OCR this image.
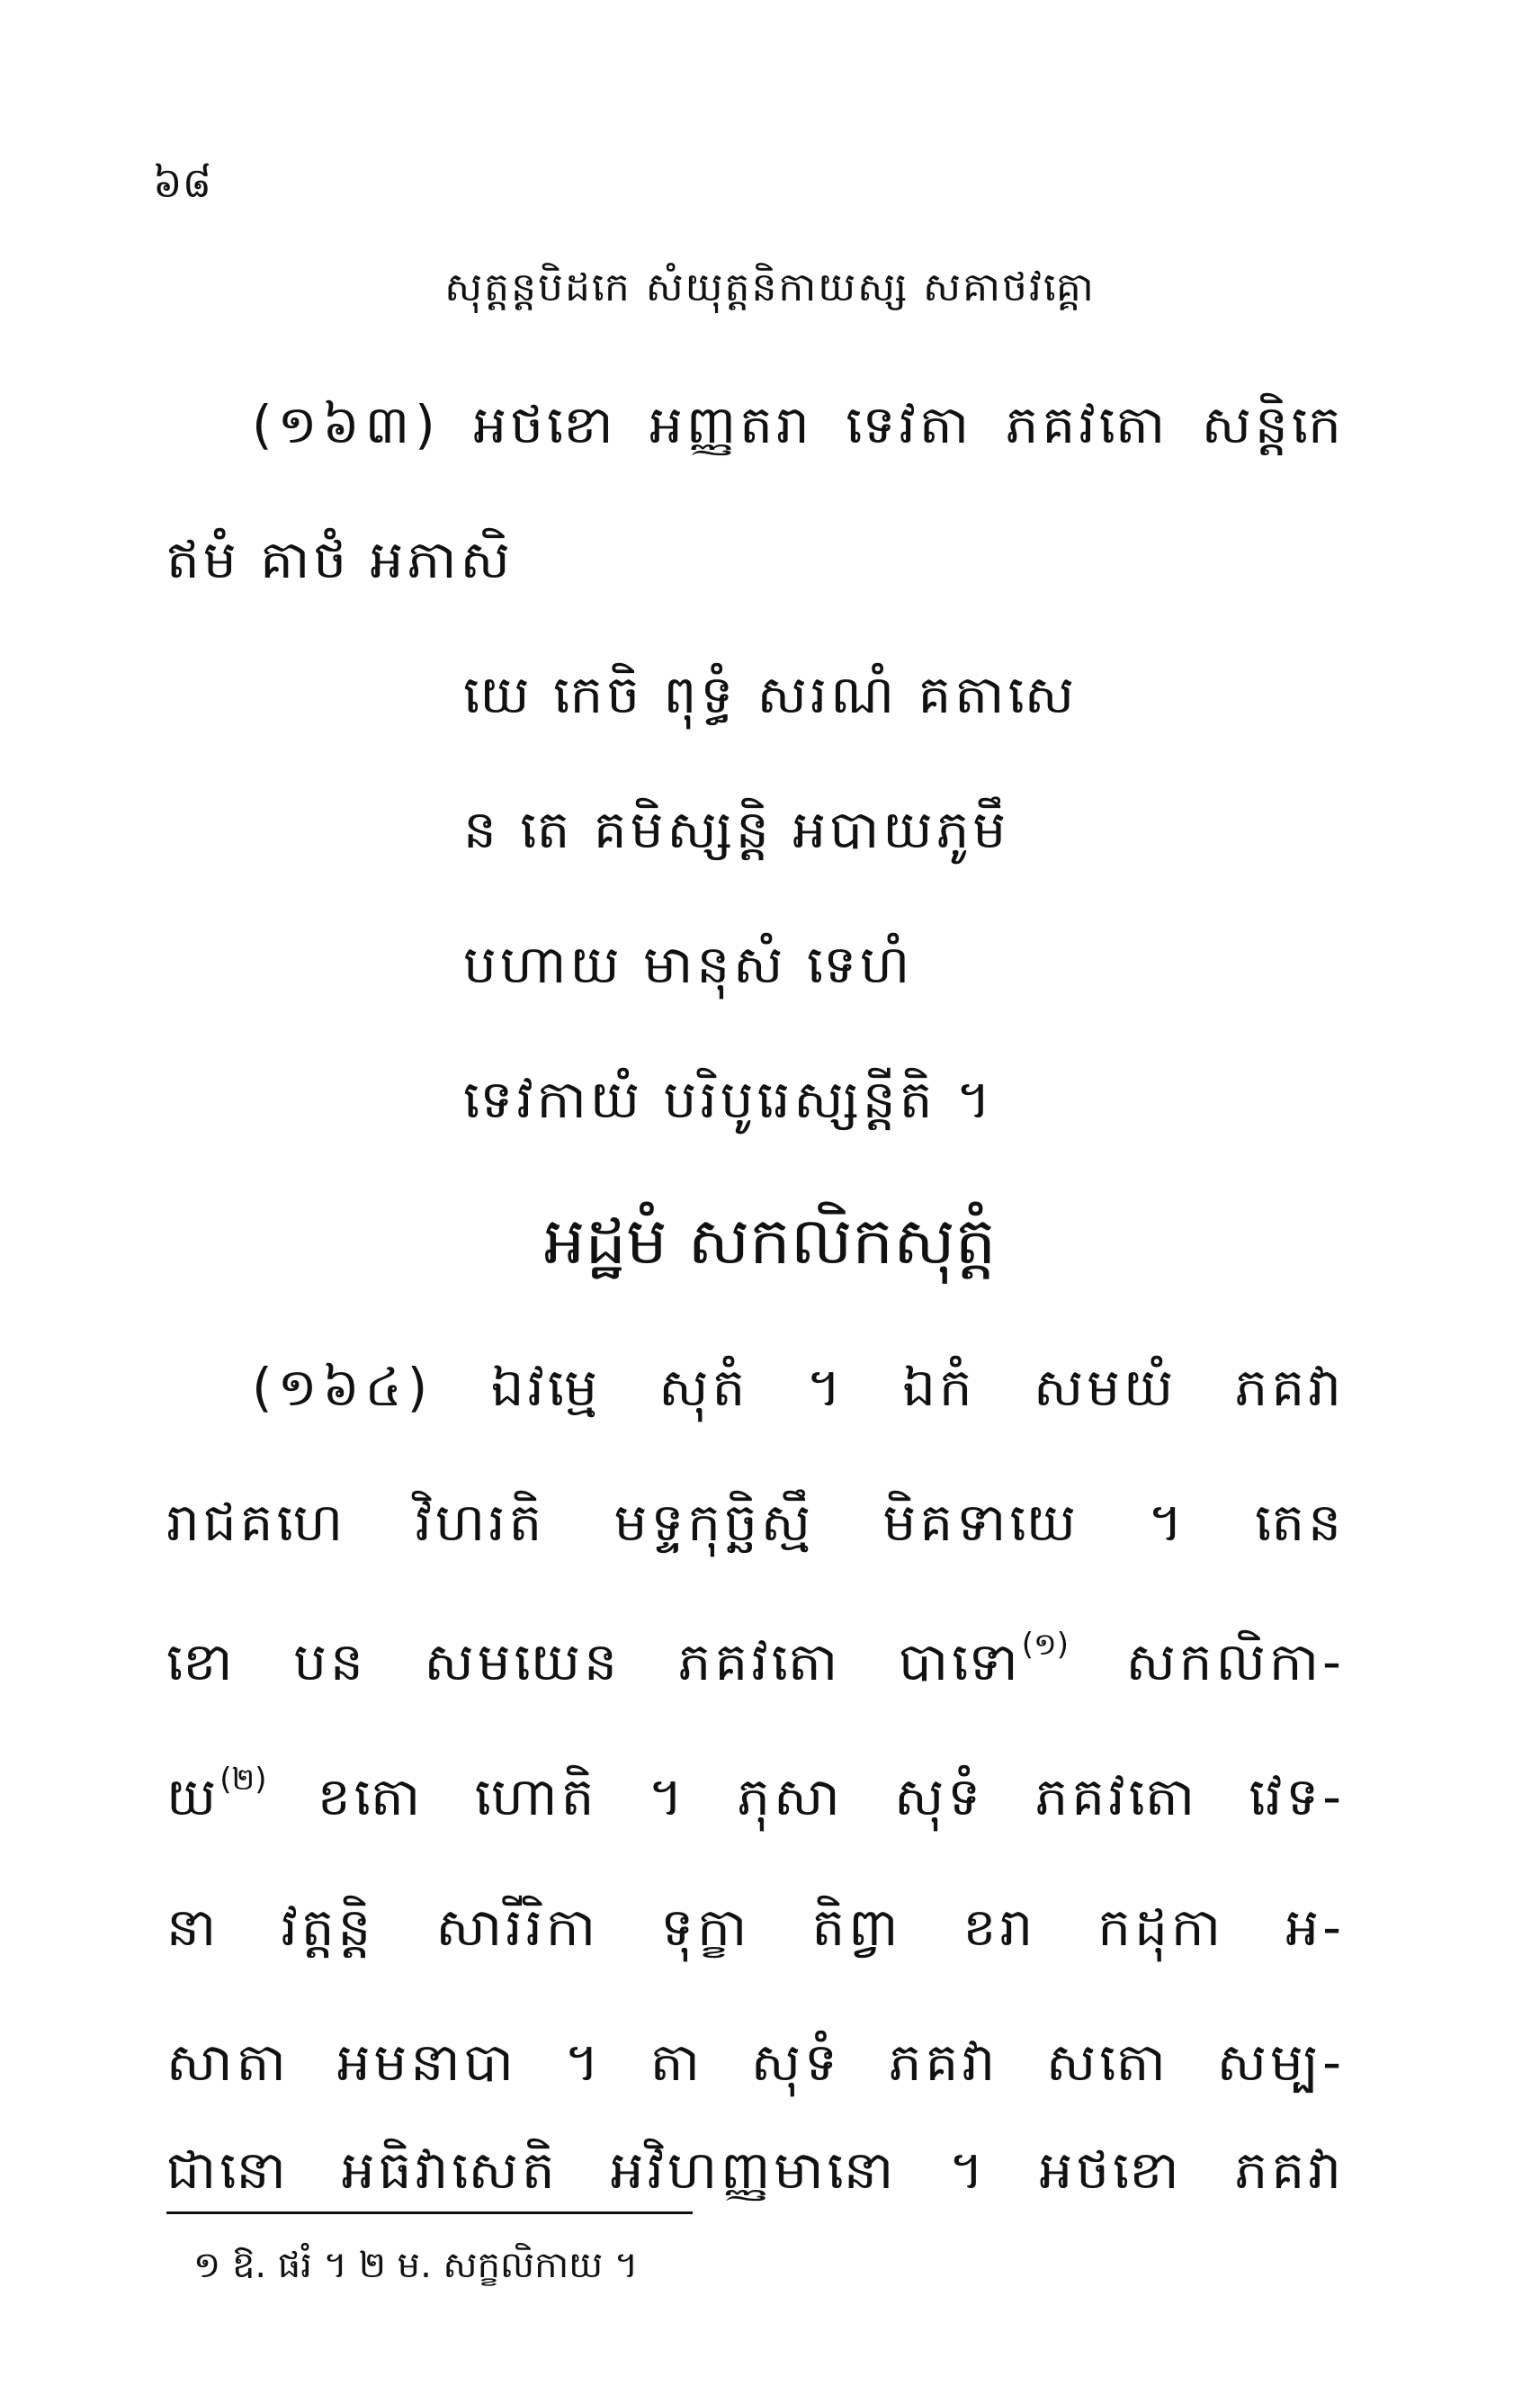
៦៨
សុត្តន្តបិដកេ សំយុត្តនិកាយស្ស សគាថវគ្គោ
(១៦៣) អថខោ អញ្ញតរា ទេវតា ភគវតោ សន្តិកេ
ឥមំ គាថំ អភាសិ
យេ កេចិ ពុទ្ធំ សរណំ គតាសេ
ន តេ គមិស្សន្តិ អបាយភូមឹ
បហាយ មានុសំ ទេហំ
ទេវកាយំ បរិបូរេស្សន្តីតិ ។
អដ្ឋមំ សកលិកសុត្តំ
(១៦៤) ឯវម្មេ សុតំ ។ ឯកំ សមយំ ភគវា
រាជគហេ វិហរតិ មទ្ទកុច្ឆិស្មឹ មិគទាយេ ។ តេន
ខោ បន សមយេន ភគវតោ បាទោ$^{(១)}$ សកលិកា-
យ$^{(២)}$ ខតោ ហោតិ ។ ភុសា សុទំ ភគវតោ វេទ-
នា វត្តន្តិ សារីរិកា ទុក្ខា តិព្វា ខរា កដុកា អ-
សាតា អមនាបា ។ តា សុទំ ភគវា សតោ សម្ប-
ជានោ អធិវាសេតិ អវិហញ្ញមានោ ។ អថខោ ភគវា
១ ឱ. ផរំ ។ ២ ម. សក្ខលិកាយ ។
